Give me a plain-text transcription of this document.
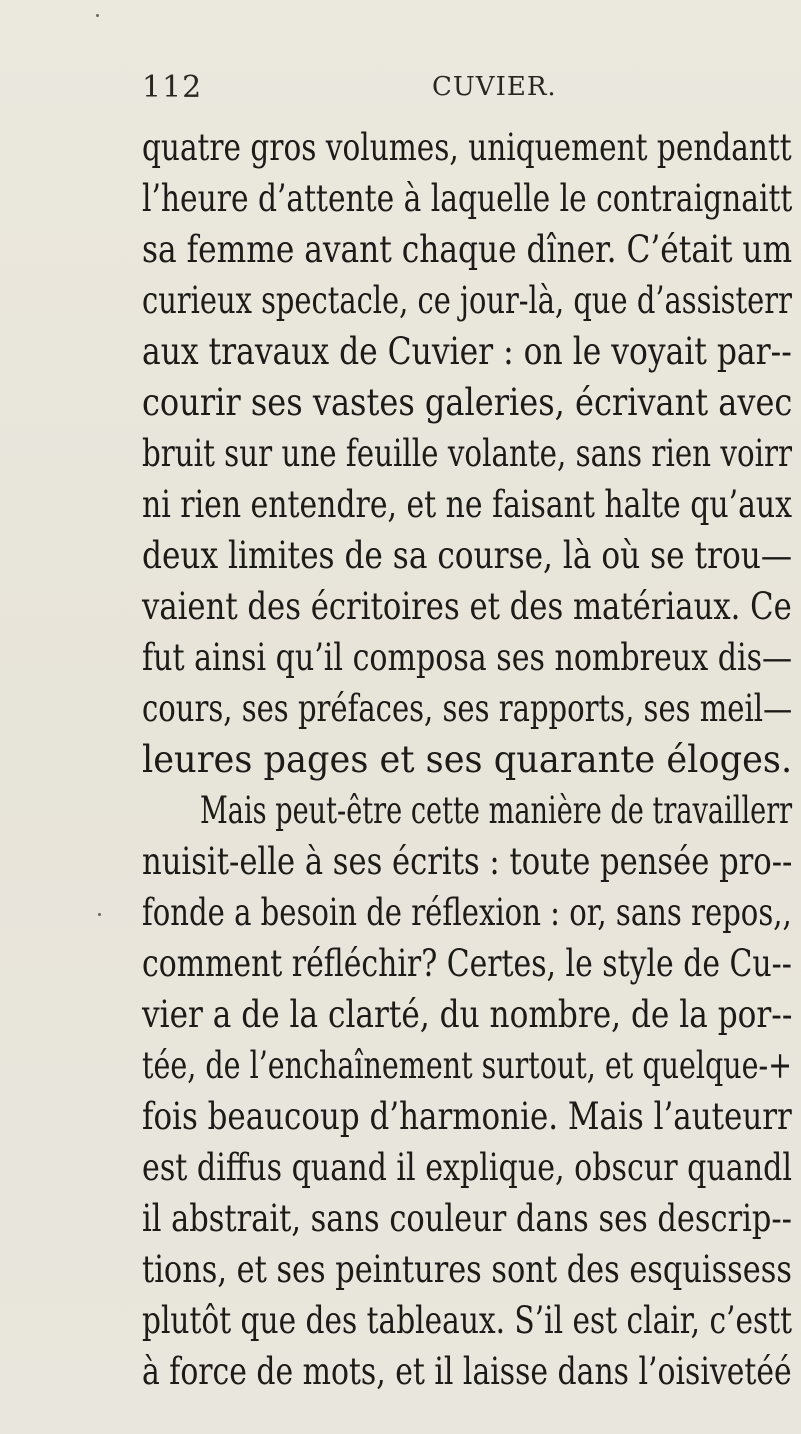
112	CUVIER.
quatre gros volumes, uniquement pendantt
l’heure d’attente à laquelle le contraignaitt
sa femme avant chaque dîner. C’était um
curieux spectacle, ce jour-là, que d’assisterr
aux travaux de Cuvier : on le voyait par--
courir ses vastes galeries, écrivant avec
bruit sur une feuille volante, sans rien voirr
ni rien entendre, et ne faisant halte qu’aux
deux limites de sa course, là où se trou—
vaient des écritoires et des matériaux. Ce
fut ainsi qu’il composa ses nombreux dis—
cours, ses préfaces, ses rapports, ses meil—
leures pages et ses quarante éloges.
Mais peut-être cette manière de travaillerr
nuisit-elle à ses écrits : toute pensée pro--
fonde a besoin de réflexion : or, sans repos,,
comment réfléchir? Certes, le style de Cu--
vier a de la clarté, du nombre, de la por--
tée, de l’enchaînement surtout, et quelque-+
fois beaucoup d’harmonie. Mais l’auteurr
est diffus quand il explique, obscur quandl
il abstrait, sans couleur dans ses descrip--
tions, et ses peintures sont des esquissess
plutôt que des tableaux. S’il est clair, c’estt
à force de mots, et il laisse dans l’oisivetéé
